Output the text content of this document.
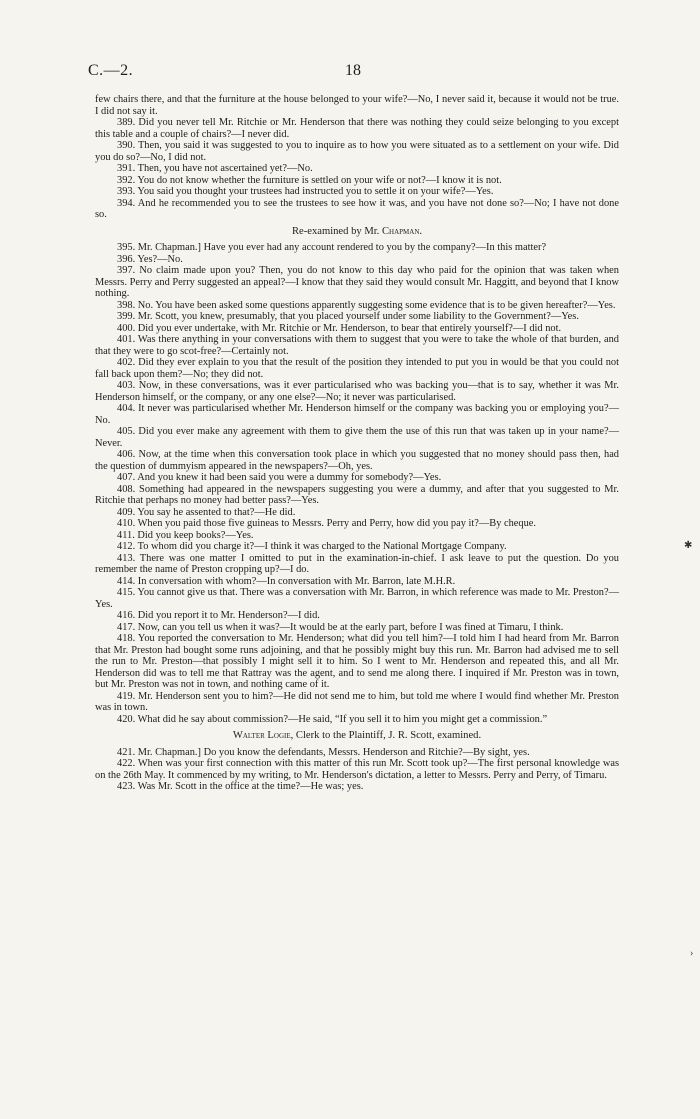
C.—2.	18

few chairs there, and that the furniture at the house belonged to your wife?—No, I never said it, because it would not be true. I did not say it.

389. Did you never tell Mr. Ritchie or Mr. Henderson that there was nothing they could seize belonging to you except this table and a couple of chairs?—I never did.

390. Then, you said it was suggested to you to inquire as to how you were situated as to a settlement on your wife. Did you do so?—No, I did not.

391. Then, you have not ascertained yet?—No.

392. You do not know whether the furniture is settled on your wife or not?—I know it is not.

393. You said you thought your trustees had instructed you to settle it on your wife?—Yes.

394. And he recommended you to see the trustees to see how it was, and you have not done so?—No; I have not done so.

Re-examined by Mr. Chapman.

395. Mr. Chapman.] Have you ever had any account rendered to you by the company?—In this matter?

396. Yes?—No.

397. No claim made upon you? Then, you do not know to this day who paid for the opinion that was taken when Messrs. Perry and Perry suggested an appeal?—I know that they said they would consult Mr. Haggitt, and beyond that I know nothing.

398. No. You have been asked some questions apparently suggesting some evidence that is to be given hereafter?—Yes.

399. Mr. Scott, you knew, presumably, that you placed yourself under some liability to the Government?—Yes.

400. Did you ever undertake, with Mr. Ritchie or Mr. Henderson, to bear that entirely yourself?—I did not.

401. Was there anything in your conversations with them to suggest that you were to take the whole of that burden, and that they were to go scot-free?—Certainly not.

402. Did they ever explain to you that the result of the position they intended to put you in would be that you could not fall back upon them?—No; they did not.

403. Now, in these conversations, was it ever particularised who was backing you—that is to say, whether it was Mr. Henderson himself, or the company, or any one else?—No; it never was particularised.

404. It never was particularised whether Mr. Henderson himself or the company was backing you or employing you?—No.

405. Did you ever make any agreement with them to give them the use of this run that was taken up in your name?—Never.

406. Now, at the time when this conversation took place in which you suggested that no money should pass then, had the question of dummyism appeared in the newspapers?—Oh, yes.

407. And you knew it had been said you were a dummy for somebody?—Yes.

408. Something had appeared in the newspapers suggesting you were a dummy, and after that you suggested to Mr. Ritchie that perhaps no money had better pass?—Yes.

409. You say he assented to that?—He did.

410. When you paid those five guineas to Messrs. Perry and Perry, how did you pay it?—By cheque.

411. Did you keep books?—Yes.

412. To whom did you charge it?—I think it was charged to the National Mortgage Company.

413. There was one matter I omitted to put in the examination-in-chief. I ask leave to put the question. Do you remember the name of Preston cropping up?—I do.

414. In conversation with whom?—In conversation with Mr. Barron, late M.H.R.

415. You cannot give us that. There was a conversation with Mr. Barron, in which reference was made to Mr. Preston?—Yes.

416. Did you report it to Mr. Henderson?—I did.

417. Now, can you tell us when it was?—It would be at the early part, before I was fined at Timaru, I think.

418. You reported the conversation to Mr. Henderson; what did you tell him?—I told him I had heard from Mr. Barron that Mr. Preston had bought some runs adjoining, and that he possibly might buy this run. Mr. Barron had advised me to sell the run to Mr. Preston—that possibly I might sell it to him. So I went to Mr. Henderson and repeated this, and all Mr. Henderson did was to tell me that Rattray was the agent, and to send me along there. I inquired if Mr. Preston was in town, but Mr. Preston was not in town, and nothing came of it.

419. Mr. Henderson sent you to him?—He did not send me to him, but told me where I would find whether Mr. Preston was in town.

420. What did he say about commission?—He said, “If you sell it to him you might get a commission.”

Walter Logie, Clerk to the Plaintiff, J. R. Scott, examined.

421. Mr. Chapman.] Do you know the defendants, Messrs. Henderson and Ritchie?—By sight, yes.

422. When was your first connection with this matter of this run Mr. Scott took up?—The first personal knowledge was on the 26th May. It commenced by my writing, to Mr. Henderson's dictation, a letter to Messrs. Perry and Perry, of Timaru.

423. Was Mr. Scott in the office at the time?—He was; yes.

✱
›
